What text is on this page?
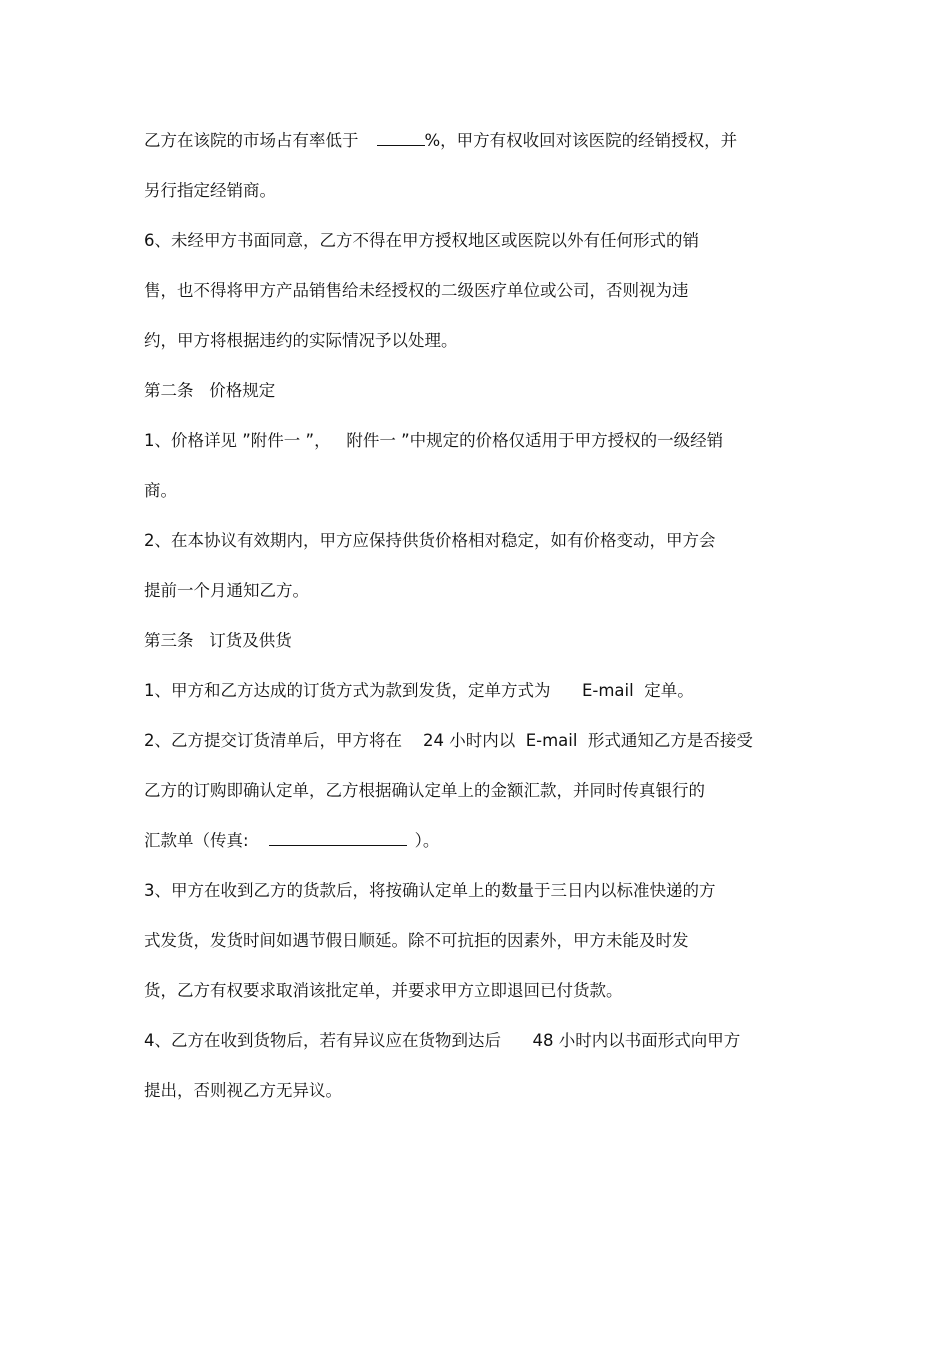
乙方在该院的市场占有率低于	%，甲方有权收回对该医院的经销授权，并
另行指定经销商。
6、未经甲方书面同意，乙方不得在甲方授权地区或医院以外有任何形式的销
售，也不得将甲方产品销售给未经授权的二级医疗单位或公司，否则视为违
约，甲方将根据违约的实际情况予以处理。
第二条   价格规定
1、价格详见 ”附件一 ”，   附件一 ”中规定的价格仅适用于甲方授权的一级经销
商。
2、在本协议有效期内，甲方应保持供货价格相对稳定，如有价格变动，甲方会
提前一个月通知乙方。
第三条   订货及供货
1、甲方和乙方达成的订货方式为款到发货，定单方式为      E-mail  定单。
2、乙方提交订货清单后，甲方将在    24 小时内以  E-mail  形式通知乙方是否接受
乙方的订购即确认定单，乙方根据确认定单上的金额汇款，并同时传真银行的
汇款单（传真:	）。
3、甲方在收到乙方的货款后，将按确认定单上的数量于三日内以标准快递的方
式发货，发货时间如遇节假日顺延。除不可抗拒的因素外，甲方未能及时发
货，乙方有权要求取消该批定单，并要求甲方立即退回已付货款。
4、乙方在收到货物后，若有异议应在货物到达后      48 小时内以书面形式向甲方
提出，否则视乙方无异议。
